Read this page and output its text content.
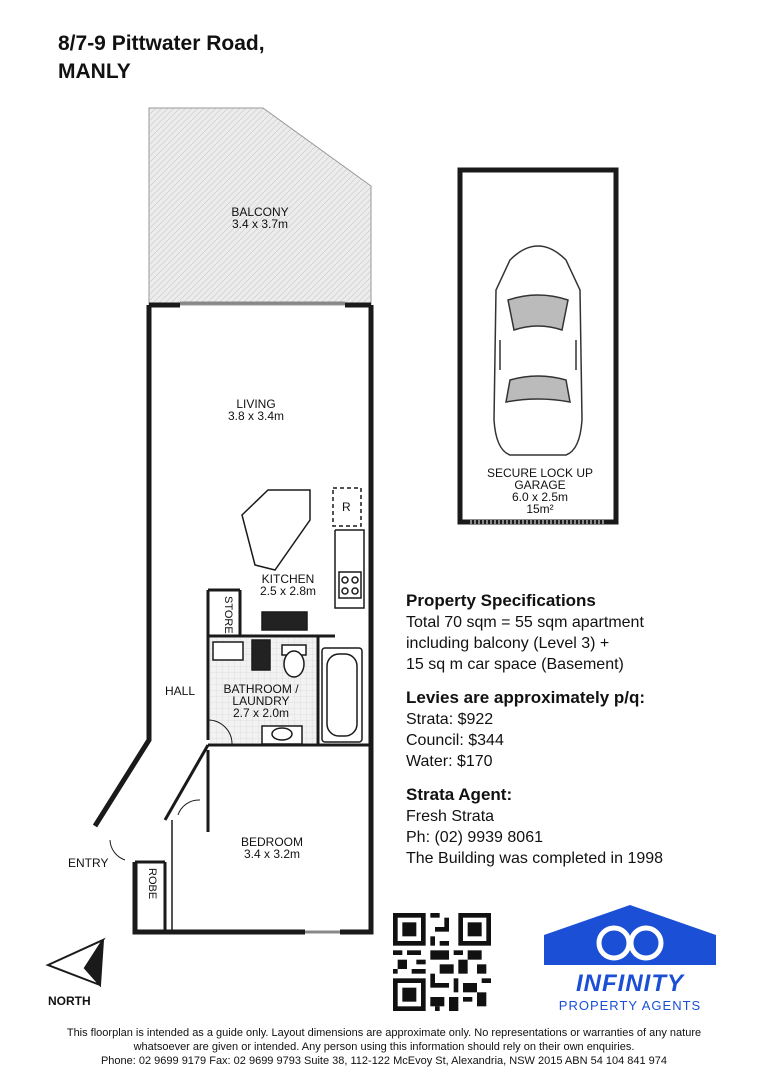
8/7-9 Pittwater Road,
MANLY
BALCONY
3.4 x 3.7m
LIVING
3.8 x 3.4m
KITCHEN
2.5 x 2.8m
BATHROOM /
LAUNDRY
2.7 x 2.0m
BEDROOM
3.4 x 3.2m
HALL
ENTRY
R
STORE
ROBE
SECURE LOCK UP
GARAGE
6.0 x 2.5m
15m²
Property Specifications

Total 70 sqm = 55 sqm apartment

including balcony (Level 3) +

15 sq m car space (Basement)

Levies are approximately p/q:

Strata: $922

Council: $344

Water: $170

Strata Agent:

Fresh Strata

Ph: (02) 9939 8061

The Building was completed in 1998

NORTH
INFINITY
PROPERTY AGENTS
This floorplan is intended as a guide only. Layout dimensions are approximate only. No representations or warranties of any nature
whatsoever are given or intended. Any person using this information should rely on their own enquiries.
Phone: 02 9699 9179 Fax: 02 9699 9793 Suite 38, 112-122 McEvoy St, Alexandria, NSW 2015 ABN 54 104 841 974
